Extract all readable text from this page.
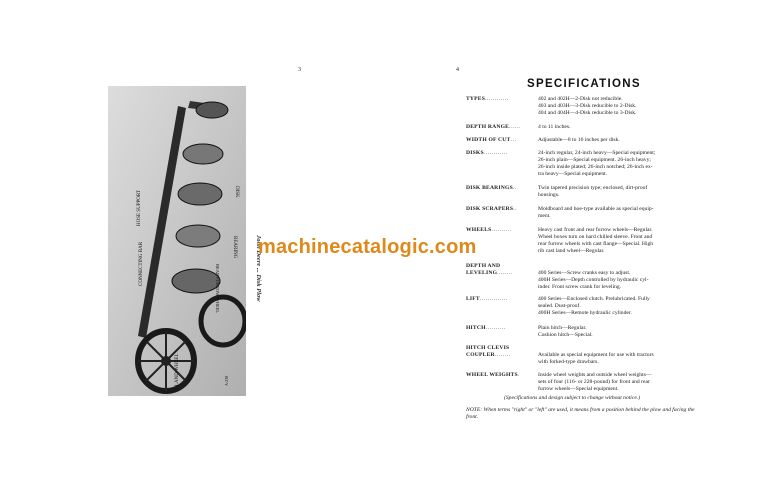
3
CONNECTING BAR
HOSE SUPPORT	DISK
BEARING
REAR FURROW WHEEL
LAND WHEEL	A-238
John Deere ... Disk Plow
4
SPECIFICATIONS
TYPES............	402 and 402H—2-Disk not reducible.
403 and 403H—3-Disk reducible to 2-Disk.
404 and 404H—4-Disk reducible to 3-Disk.
DEPTH RANGE......	4 to 11 inches.
WIDTH OF CUT...	Adjustable—8 to 16 inches per disk.
DISKS............	24-inch regular, 24-inch heavy—Special equipment;
26-inch plain—Special equipment. 26-inch heavy;
26-inch inside plated; 26-inch notched; 26-inch ex-
tra heavy—Special equipment.
DISK BEARINGS..	Twin tapered precision type; enclosed, dirt-proof
housings.
DISK SCRAPERS..	Moldboard and hoe-type available as special equip-
ment.
WHEELS..........	Heavy cast front and rear furrow wheels—Regular.
Wheel boxes turn on hard chilled sleeve. Front and
rear furrow wheels with cast flange—Special. High
rib cast land wheel—Regular.
DEPTH AND
LEVELING........
	400 Series—Screw cranks easy to adjust.
400H Series—Depth controlled by hydraulic cyl-
inder. Front screw crank for leveling.
LIFT..............	400 Series—Enclosed clutch. Prelubricated. Fully
sealed. Dust-proof.
400H Series—Remote hydraulic cylinder.
HITCH..........	Plain hitch—Regular.
Cushion hitch—Special.
HITCH CLEVIS
COUPLER........
	Available as special equipment for use with tractors
with forked-type drawbars.
WHEEL WEIGHTS.	Inside wheel weights and outside wheel weights—
sets of four (116- or 228-pound) for front and rear
furrow wheels—Special equipment.
(Specifications and design subject to change without notice.)
NOTE: When terms "right" or "left" are used, it means from a position behind the plow and facing the front.
machinecatalogic.com
